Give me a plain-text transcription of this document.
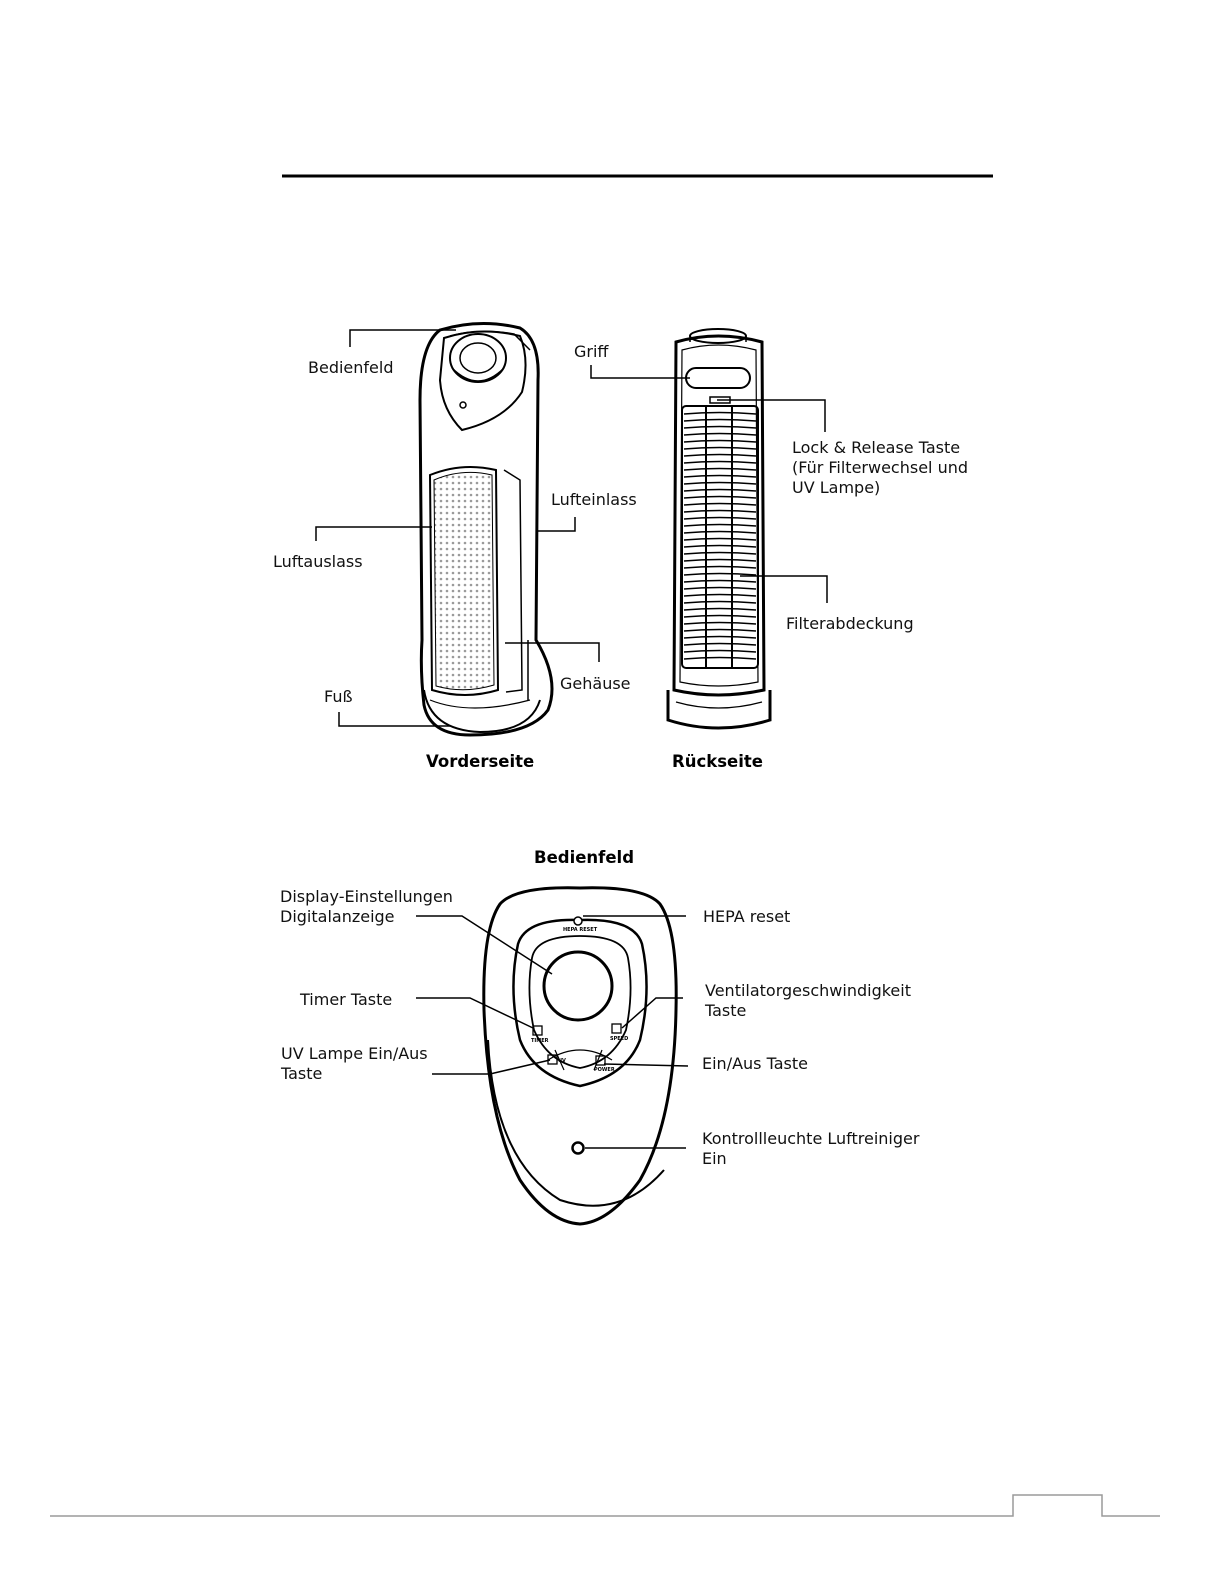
Bedienfeld
Griff
Lock & Release Taste
(Für Filterwechsel und
UV Lampe)
Lufteinlass
Luftauslass
Filterabdeckung
Gehäuse
Fuß
Vorderseite	Rückseite
Bedienfeld
HEPA RESET
TIMER	SPEED
UV
POWER
Display-Einstellungen
Digitalanzeige	HEPA reset
Timer Taste	Ventilatorgeschwindigkeit
Taste
UV Lampe Ein/Aus
Taste
Ein/Aus Taste
Kontrollleuchte Luftreiniger
Ein
